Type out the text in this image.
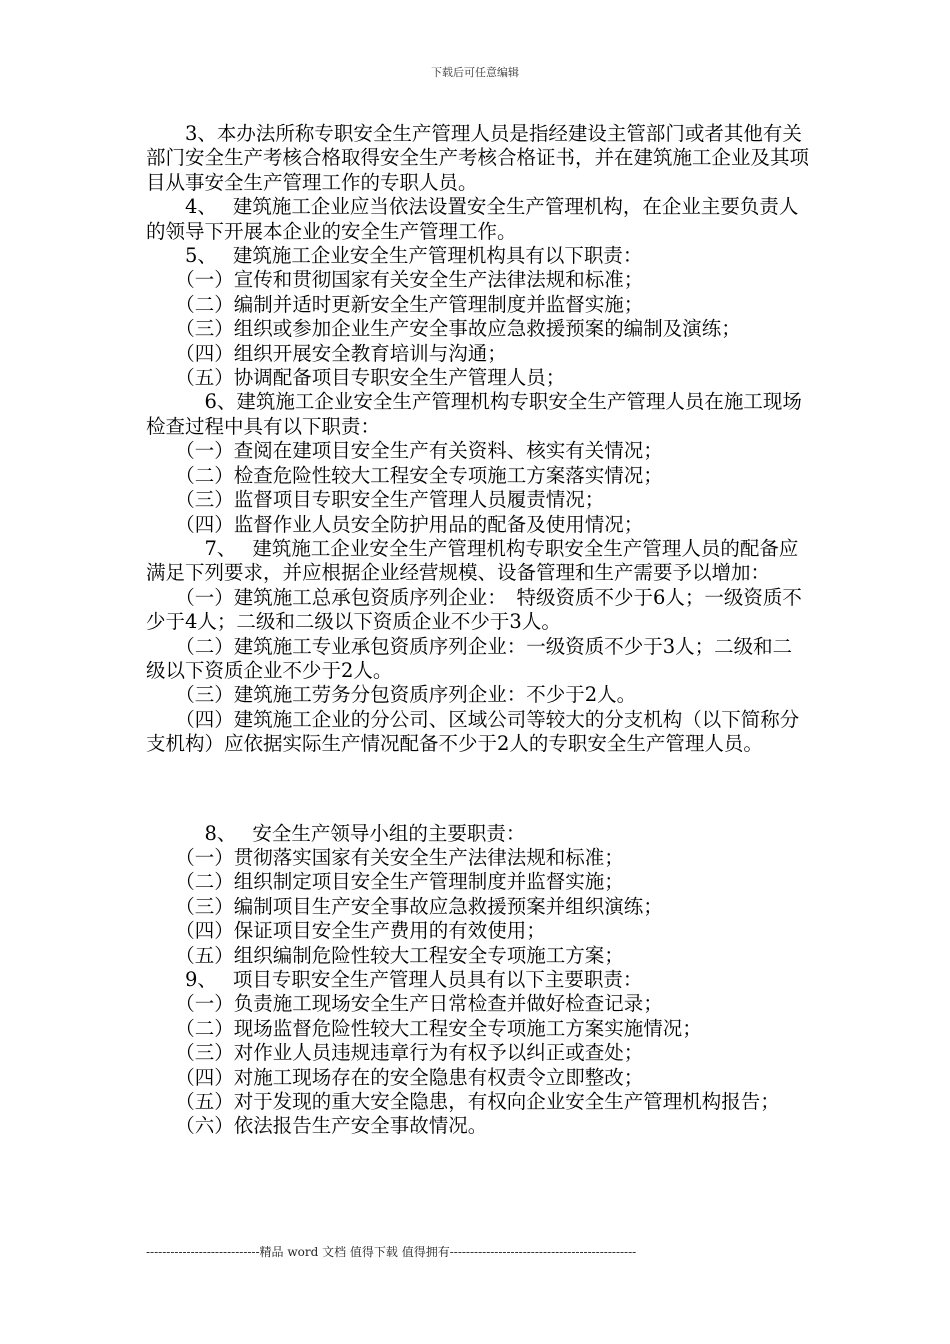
下载后可任意编辑

　　3、本办法所称专职安全生产管理人员是指经建设主管部门或者其他有关部门安全生产考核合格取得安全生产考核合格证书，并在建筑施工企业及其项目从事安全生产管理工作的专职人员。

　　4、　 建筑施工企业应当依法设置安全生产管理机构，在企业主要负责人的领导下开展本企业的安全生产管理工作。

　　5、　 建筑施工企业安全生产管理机构具有以下职责：

　　（一）宣传和贯彻国家有关安全生产法律法规和标准；

　　（二）编制并适时更新安全生产管理制度并监督实施；

　　（三）组织或参加企业生产安全事故应急救援预案的编制及演练；

　　（四）组织开展安全教育培训与沟通；

　　（五）协调配备项目专职安全生产管理人员；

　　　6、建筑施工企业安全生产管理机构专职安全生产管理人员在施工现场检查过程中具有以下职责：

　　（一）查阅在建项目安全生产有关资料、核实有关情况；

　　（二）检查危险性较大工程安全专项施工方案落实情况；

　　（三）监督项目专职安全生产管理人员履责情况；

　　（四）监督作业人员安全防护用品的配备及使用情况；

　　　7、　 建筑施工企业安全生产管理机构专职安全生产管理人员的配备应满足下列要求，并应根据企业经营规模、设备管理和生产需要予以增加：

　　（一）建筑施工总承包资质序列企业：　特级资质不少于6人；一级资质不少于4人；二级和二级以下资质企业不少于3人。

　　（二）建筑施工专业承包资质序列企业：一级资质不少于3人；二级和二级以下资质企业不少于2人。

　　（三）建筑施工劳务分包资质序列企业：不少于2人。

　　（四）建筑施工企业的分公司、区域公司等较大的分支机构（以下简称分支机构）应依据实际生产情况配备不少于2人的专职安全生产管理人员。

　　　8、　 安全生产领导小组的主要职责：

　　（一）贯彻落实国家有关安全生产法律法规和标准；

　　（二）组织制定项目安全生产管理制度并监督实施；

　　（三）编制项目生产安全事故应急救援预案并组织演练；

　　（四）保证项目安全生产费用的有效使用；

　　（五）组织编制危险性较大工程安全专项施工方案；

　　9、　 项目专职安全生产管理人员具有以下主要职责：

　　（一）负责施工现场安全生产日常检查并做好检查记录；

　　（二）现场监督危险性较大工程安全专项施工方案实施情况；

　　（三）对作业人员违规违章行为有权予以纠正或查处；

　　（四）对施工现场存在的安全隐患有权责令立即整改；

　　（五）对于发现的重大安全隐患，有权向企业安全生产管理机构报告；

　　（六）依法报告生产安全事故情况。

----------------------------精品 word 文档 值得下载 值得拥有----------------------------------------------
